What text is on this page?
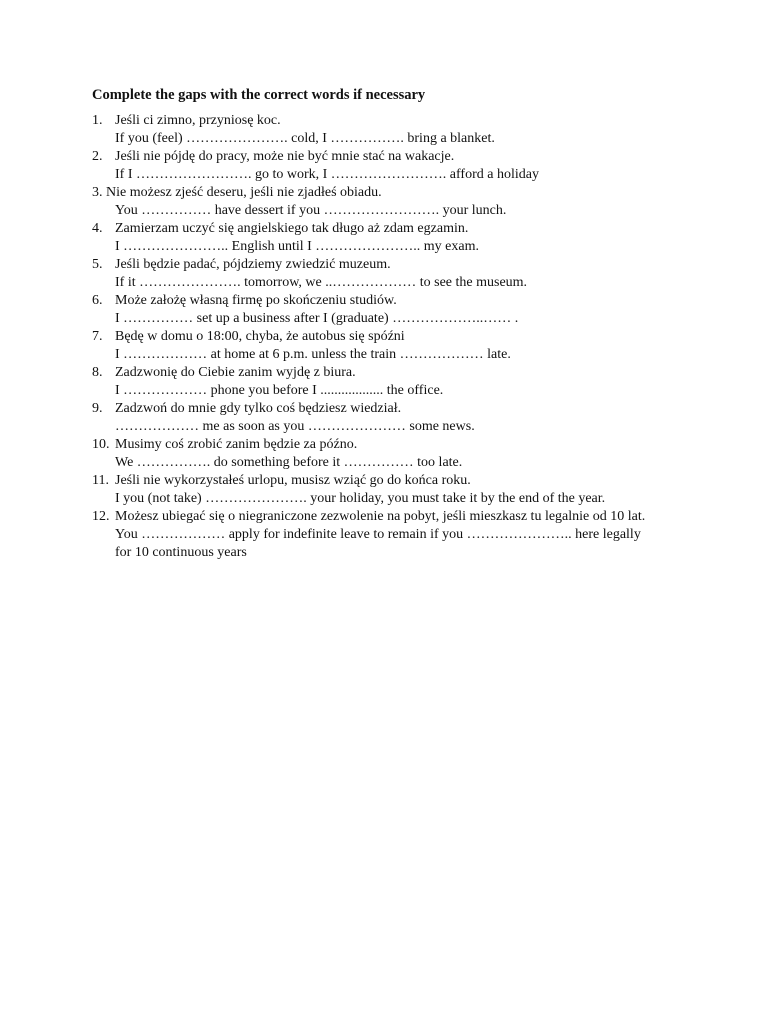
Complete the gaps with the correct words if necessary
1. Jeśli ci zimno, przyniosę koc.
If you (feel) …………………. cold, I ……………. bring a blanket.
2. Jeśli nie pójdę do pracy, może nie być mnie stać na wakacje.
If I ……………………. go to work, I ……………………. afford a holiday
3. Nie możesz zjeść deseru, jeśli nie zjadłeś obiadu.
You …………… have dessert if you ……………………. your lunch.
4. Zamierzam uczyć się angielskiego tak długo aż zdam egzamin.
I ………………….. English until I ………………….. my exam.
5. Jeśli będzie padać, pójdziemy zwiedzić muzeum.
If it …………………. tomorrow, we ..……………… to see the museum.
6. Może założę własną firmę po skończeniu studiów.
I …………… set up a business after I (graduate) ………………..…… .
7. Będę w domu o 18:00, chyba, że autobus się spóźni
I ……………… at home at 6 p.m. unless the train ……………… late.
8. Zadzwonię do Ciebie zanim wyjdę z biura.
I ……………… phone you before I .................. the office.
9. Zadzwoń do mnie gdy tylko coś będziesz wiedział.
……………… me as soon as you ………………… some news.
10. Musimy coś zrobić zanim będzie za późno.
We ……………. do something before it …………… too late.
11. Jeśli nie wykorzystałeś urlopu, musisz wziąć go do końca roku.
I you (not take) …………………. your holiday, you must take it by the end of the year.
12. Możesz ubiegać się o niegraniczone zezwolenie na pobyt, jeśli mieszkasz tu legalnie od 10 lat.
You ……………… apply for indefinite leave to remain if you ………………….. here legally for 10 continuous years
